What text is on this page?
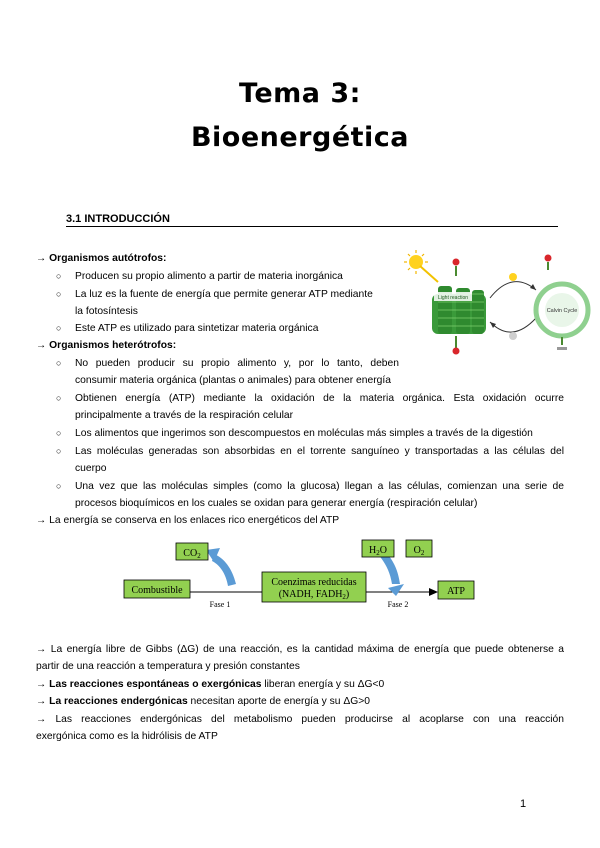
Tema 3:
Bioenergética
3.1 INTRODUCCIÓN
→ Organismos autótrofos:
○ Producen su propio alimento a partir de materia inorgánica
○ La luz es la fuente de energía que permite generar ATP mediante
la fotosíntesis
○ Este ATP es utilizado para sintetizar materia orgánica
→ Organismos heterótrofos:
○ No pueden producir su propio alimento y, por lo tanto, deben
consumir materia orgánica (plantas o animales) para obtener energía
○ Obtienen energía (ATP) mediante la oxidación de la materia orgánica. Esta oxidación ocurre
principalmente a través de la respiración celular
○ Los alimentos que ingerimos son descompuestos en moléculas más simples a través de la digestión
○ Las moléculas generadas son absorbidas en el torrente sanguíneo y transportadas a las células del
cuerpo
○ Una vez que las moléculas simples (como la glucosa) llegan a las células, comienzan una serie de
procesos bioquímicos en los cuales se oxidan para generar energía (respiración celular)
→ La energía se conserva en los enlaces rico energéticos del ATP
Light reaction
Calvin Cycle
$CO_2$
Combustible
Fase 1
Coenzimas reducidas
(NADH, $FADH_2$)
$H_2O$	$O_2$
Fase 2
ATP
→ La energía libre de Gibbs (ΔG) de una reacción, es la cantidad máxima de energía que puede obtenerse a
partir de una reacción a temperatura y presión constantes
→ Las reacciones espontáneas o exergónicas liberan energía y su ΔG<0
→ La reacciones endergónicas necesitan aporte de energía y su ΔG>0
→ Las reacciones endergónicas del metabolismo pueden producirse al acoplarse con una reacción
exergónica como es la hidrólisis de ATP
1
